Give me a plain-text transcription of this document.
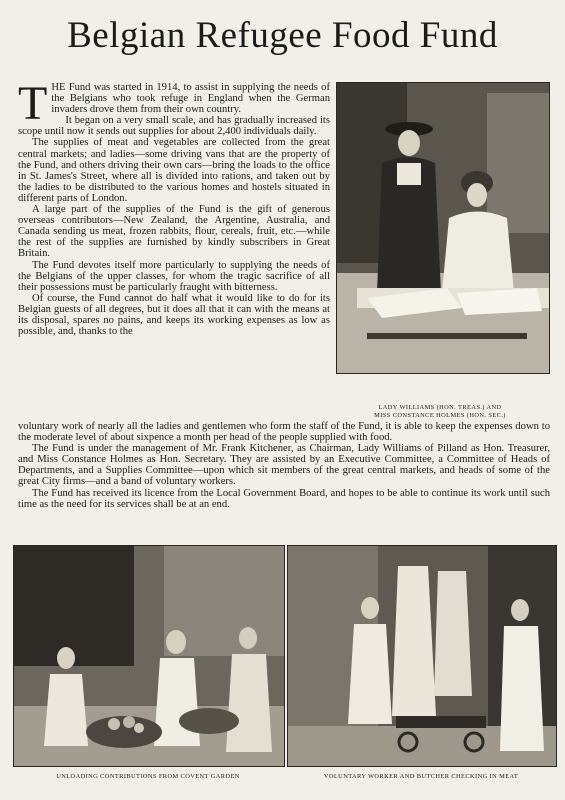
Belgian Refugee Food Fund

THE Fund was started in 1914, to assist in supplying the needs of the Belgians who took refuge in England when the German invaders drove them from their own country.

It began on a very small scale, and has gradually increased its scope until now it sends out supplies for about 2,400 individuals daily.

The supplies of meat and vegetables are collected from the great central markets; and ladies—some driving vans that are the property of the Fund, and others driving their own cars—bring the loads to the office in St. James's Street, where all is divided into rations, and taken out by the ladies to be distributed to the various homes and hostels situated in different parts of London.

A large part of the supplies of the Fund is the gift of generous overseas contributors—New Zealand, the Argentine, Australia, and Canada sending us meat, frozen rabbits, flour, cereals, fruit, etc.—while the rest of the supplies are furnished by kindly subscribers in Great Britain.

The Fund devotes itself more particularly to supplying the needs of the Belgians of the upper classes, for whom the tragic sacrifice of all their possessions must be particularly fraught with bitterness.

Of course, the Fund cannot do half what it would like to do for its Belgian guests of all degrees, but it does all that it can with the means at its disposal, spares no pains, and keeps its working expenses as low as possible, and, thanks to the

LADY WILLIAMS (HON. TREAS.) AND
MISS CONSTANCE HOLMES (HON. SEC.)

voluntary work of nearly all the ladies and gentlemen who form the staff of the Fund, it is able to keep the expenses down to the moderate level of about sixpence a month per head of the people supplied with food.

The Fund is under the management of Mr. Frank Kitchener, as Chairman, Lady Williams of Pilland as Hon. Treasurer, and Miss Constance Holmes as Hon. Secretary. They are assisted by an Executive Committee, a Committee of Heads of Departments, and a Supplies Committee—upon which sit members of the great central markets, and heads of some of the great City firms—and a band of voluntary workers.

The Fund has received its licence from the Local Government Board, and hopes to be able to continue its work until such time as the need for its services shall be at an end.

UNLOADING CONTRIBUTIONS FROM COVENT GARDEN	VOLUNTARY WORKER AND BUTCHER CHECKING IN MEAT
